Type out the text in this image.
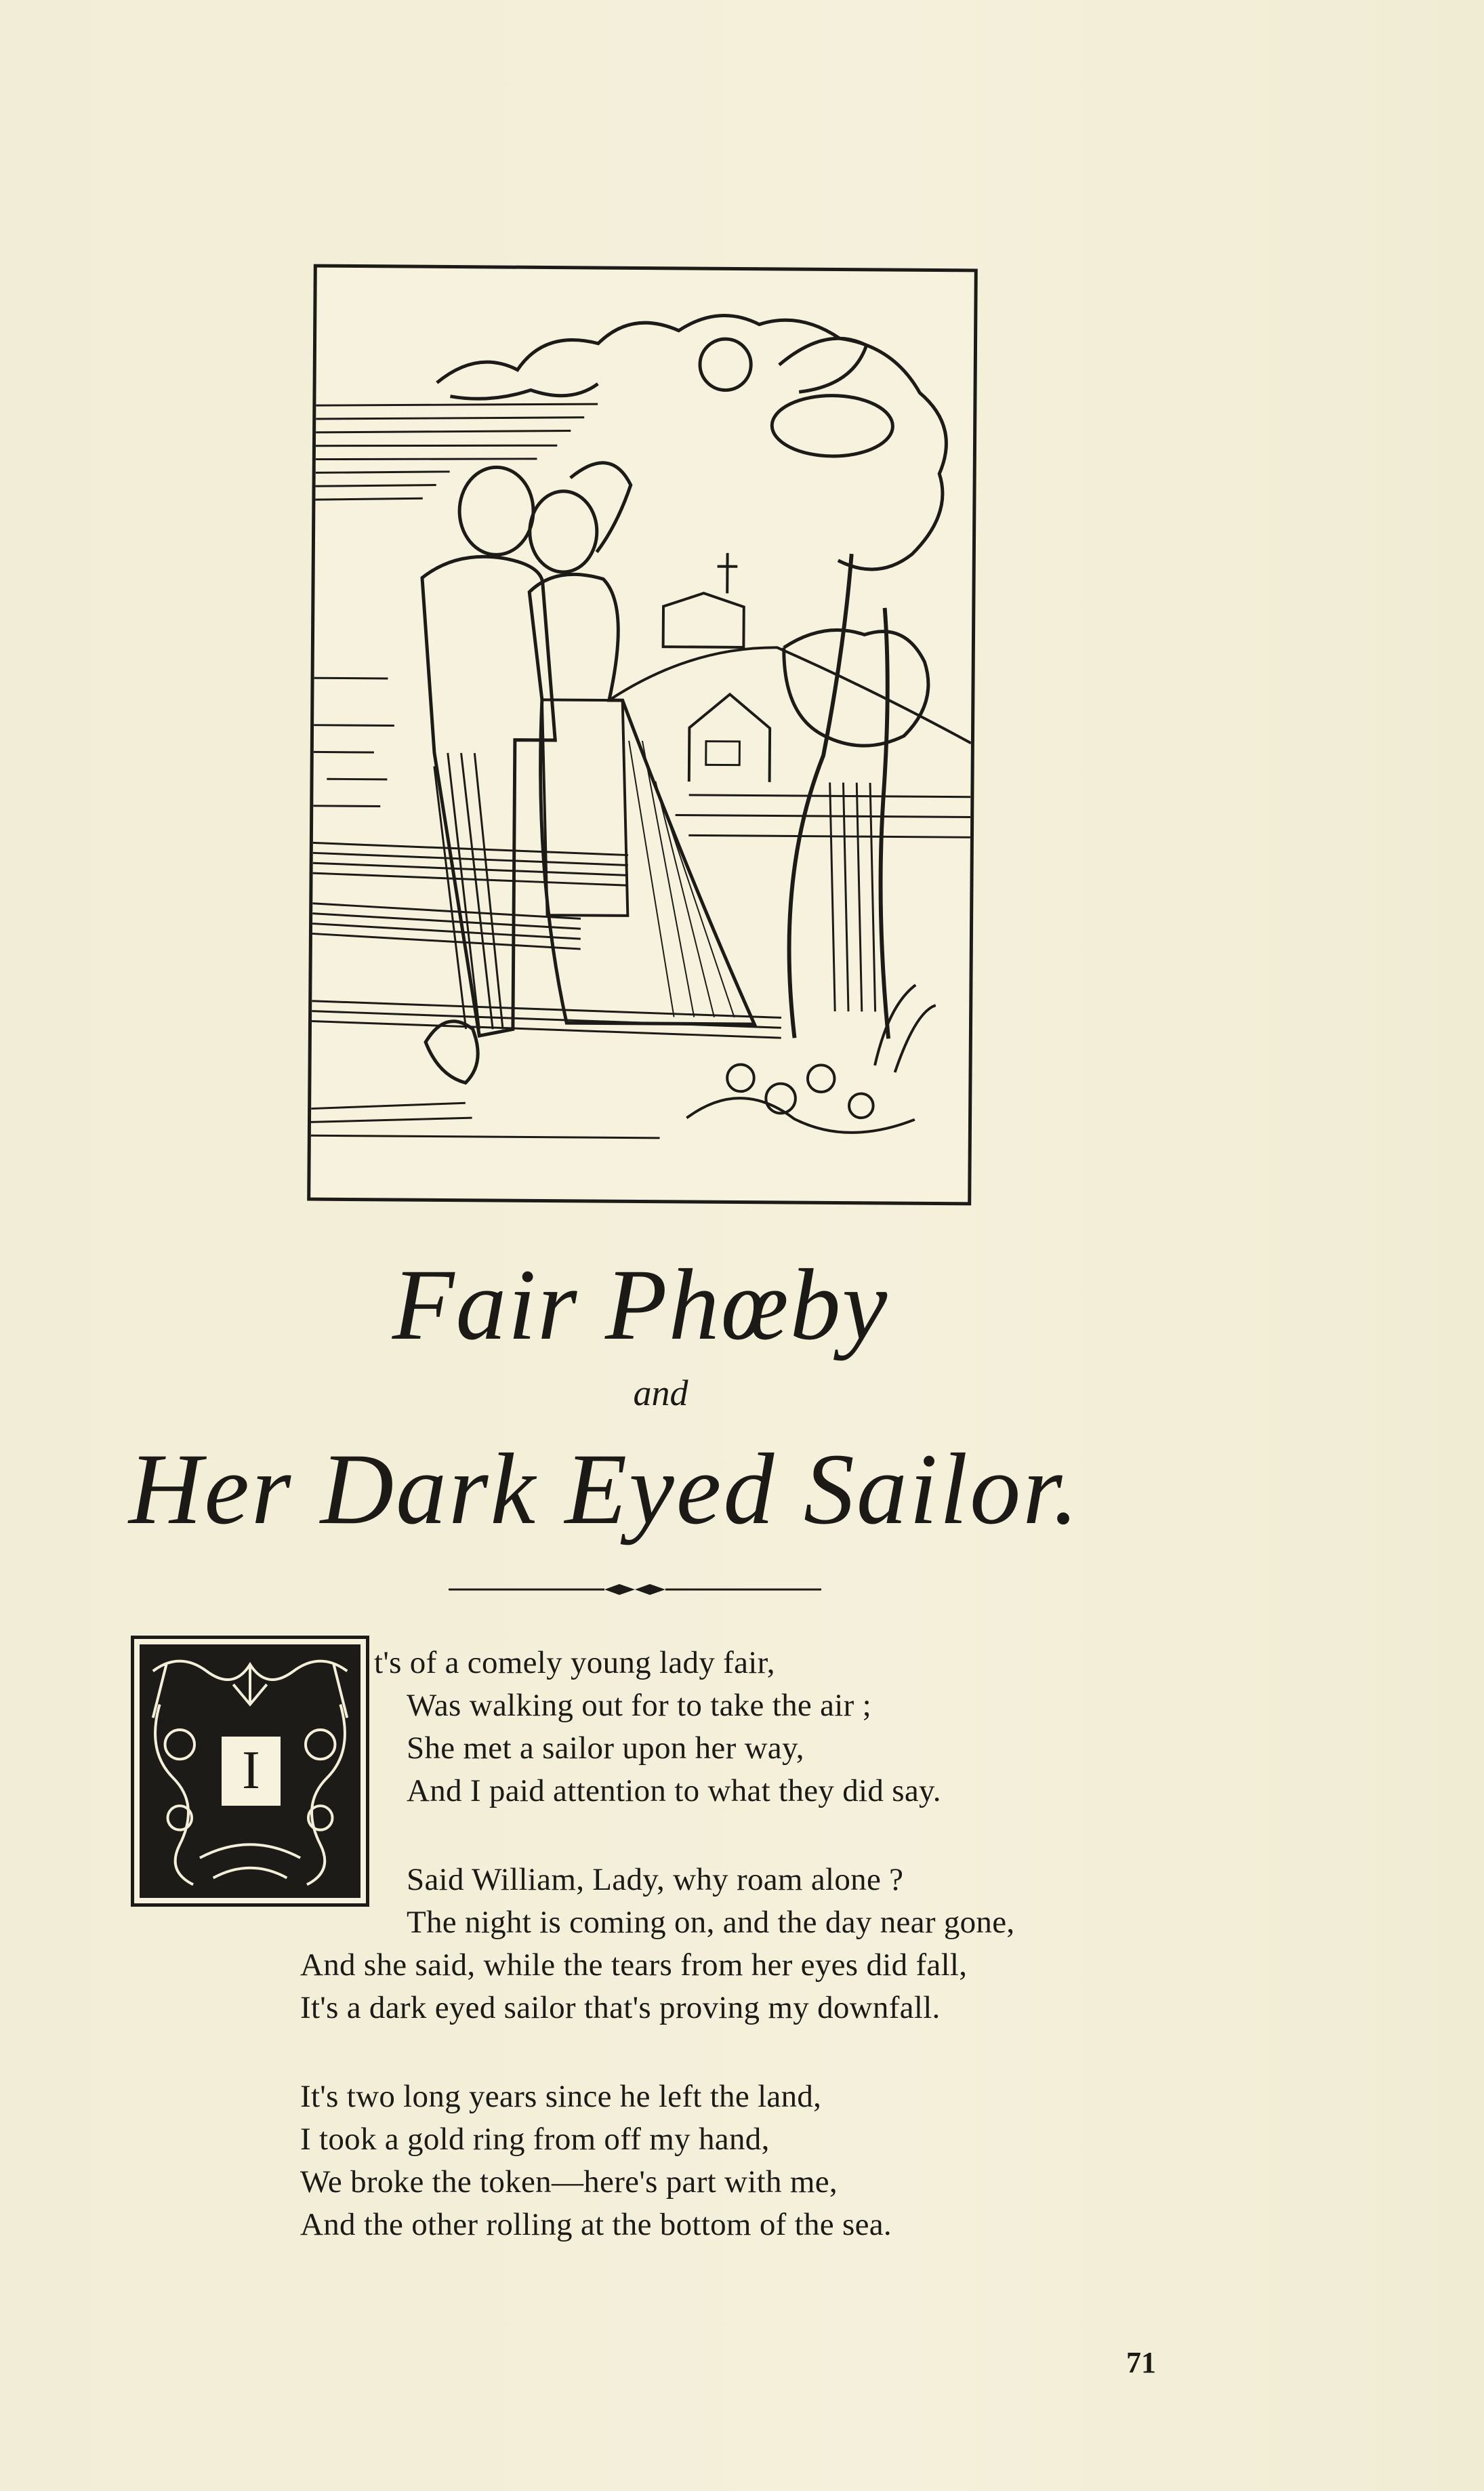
Fair Phœby
and
Her Dark Eyed Sailor.
I
t's of a comely young lady fair,
Was walking out for to take the air ;
She met a sailor upon her way,
And I paid attention to what they did say.
Said William, Lady, why roam alone ?
The night is coming on, and the day near gone,
And she said, while the tears from her eyes did fall,
It's a dark eyed sailor that's proving my downfall.
It's two long years since he left the land,
I took a gold ring from off my hand,
We broke the token—here's part with me,
And the other rolling at the bottom of the sea.
71
